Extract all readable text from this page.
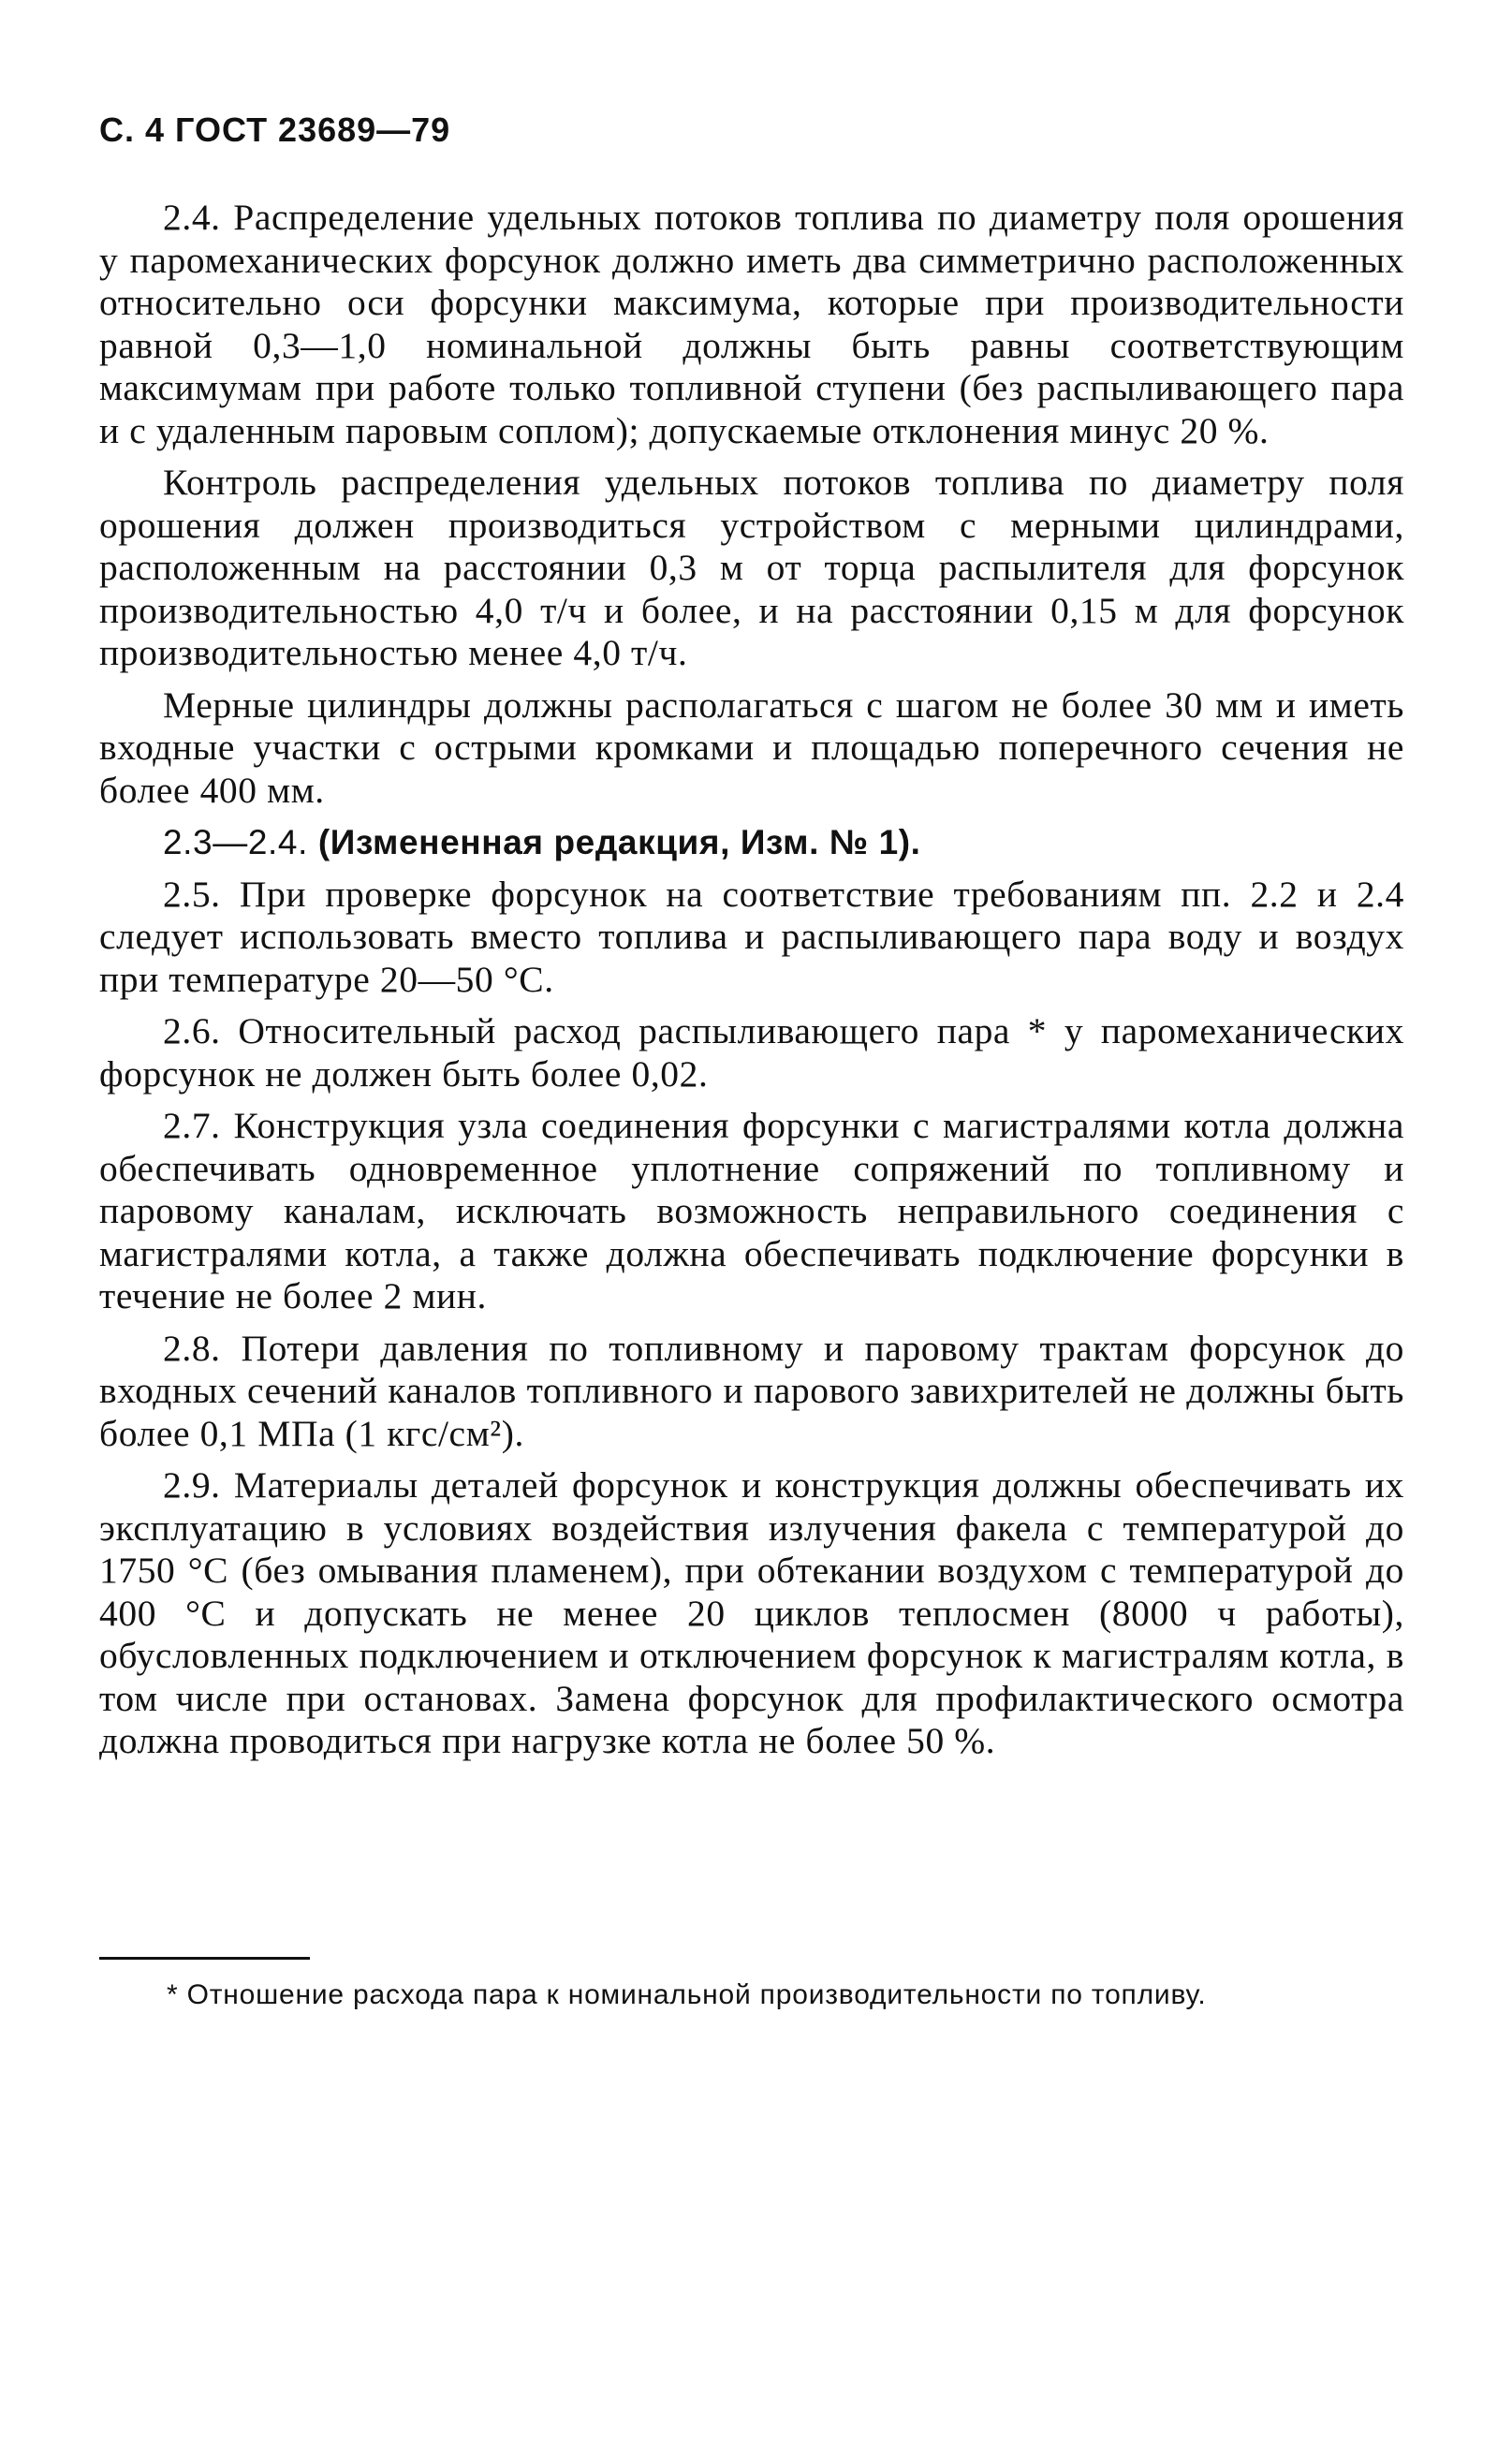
С. 4 ГОСТ 23689—79

2.4. Распределение удельных потоков топлива по диаметру поля орошения у паромеханических форсунок должно иметь два симметрично расположенных относительно оси форсунки максимума, которые при производительности равной 0,3—1,0 номинальной должны быть равны соответствующим максимумам при работе только топливной ступени (без распыливающего пара и с удаленным паровым соплом); допускаемые отклонения минус 20 %.

Контроль распределения удельных потоков топлива по диаметру поля орошения должен производиться устройством с мерными цилиндрами, расположенным на расстоянии 0,3 м от торца распылителя для форсунок производительностью 4,0 т/ч и более, и на расстоянии 0,15 м для форсунок производительностью менее 4,0 т/ч.

Мерные цилиндры должны располагаться с шагом не более 30 мм и иметь входные участки с острыми кромками и площадью поперечного сечения не более 400 мм.

2.3—2.4. (Измененная редакция, Изм. № 1).

2.5. При проверке форсунок на соответствие требованиям пп. 2.2 и 2.4 следует использовать вместо топлива и распыливающего пара воду и воздух при температуре 20—50 °С.

2.6. Относительный расход распыливающего пара * у паромеханических форсунок не должен быть более 0,02.

2.7. Конструкция узла соединения форсунки с магистралями котла должна обеспечивать одновременное уплотнение сопряжений по топливному и паровому каналам, исключать возможность неправильного соединения с магистралями котла, а также должна обеспечивать подключение форсунки в течение не более 2 мин.

2.8. Потери давления по топливному и паровому трактам форсунок до входных сечений каналов топливного и парового завихрителей не должны быть более 0,1 МПа (1 кгс/см²).

2.9. Материалы деталей форсунок и конструкция должны обеспечивать их эксплуатацию в условиях воздействия излучения факела с температурой до 1750 °С (без омывания пламенем), при обтекании воздухом с температурой до 400 °С и допускать не менее 20 циклов теплосмен (8000 ч работы), обусловленных подключением и отключением форсунок к магистралям котла, в том числе при остановах. Замена форсунок для профилактического осмотра должна проводиться при нагрузке котла не более 50 %.

* Отношение расхода пара к номинальной производительности по топливу.
